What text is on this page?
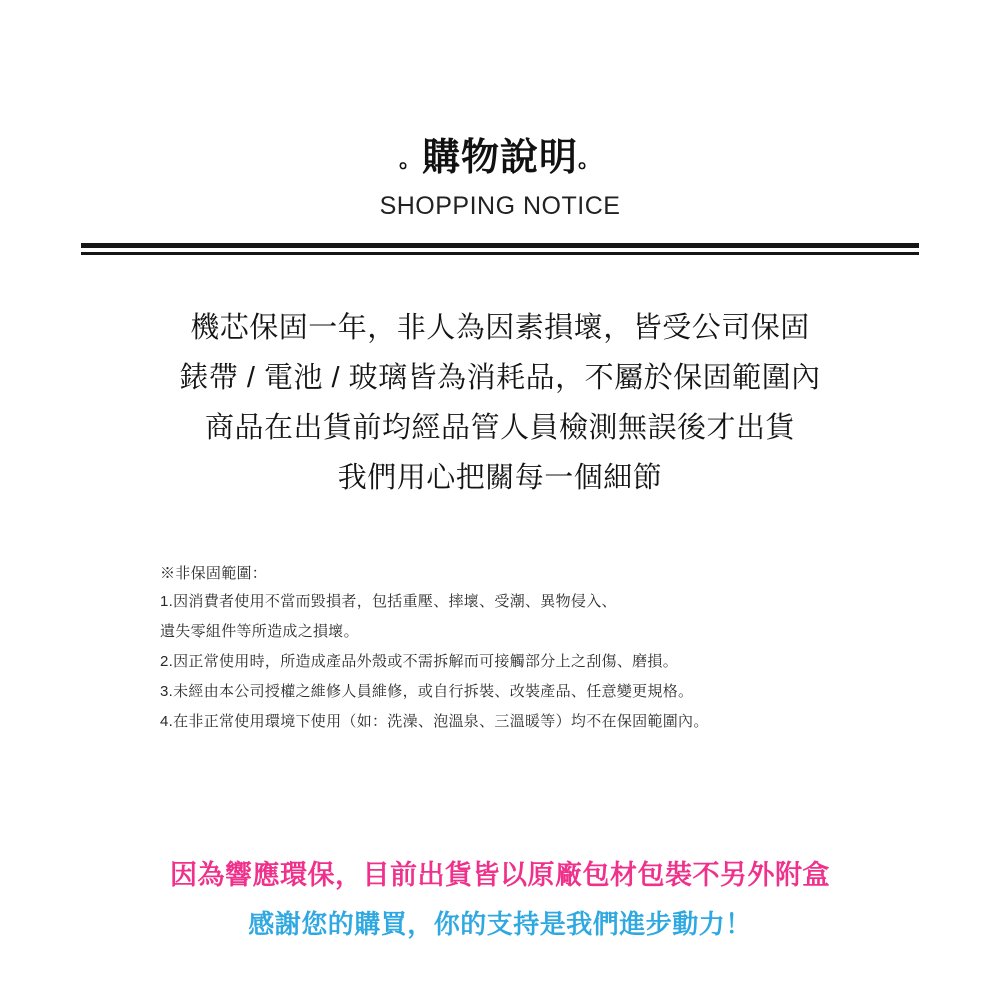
。購物說明。
SHOPPING NOTICE
機芯保固一年，非人為因素損壞，皆受公司保固
錶帶 / 電池 / 玻璃皆為消耗品，不屬於保固範圍內
商品在出貨前均經品管人員檢測無誤後才出貨
我們用心把關每一個細節
※非保固範圍：
1.因消費者使用不當而毀損者，包括重壓、摔壞、受潮、異物侵入、
遺失零組件等所造成之損壞。
2.因正常使用時，所造成產品外殼或不需拆解而可接觸部分上之刮傷、磨損。
3.未經由本公司授權之維修人員維修，或自行拆裝、改裝產品、任意變更規格。
4.在非正常使用環境下使用（如：洗澡、泡溫泉、三溫暖等）均不在保固範圍內。
因為響應環保，目前出貨皆以原廠包材包裝不另外附盒
感謝您的購買，你的支持是我們進步動力！
